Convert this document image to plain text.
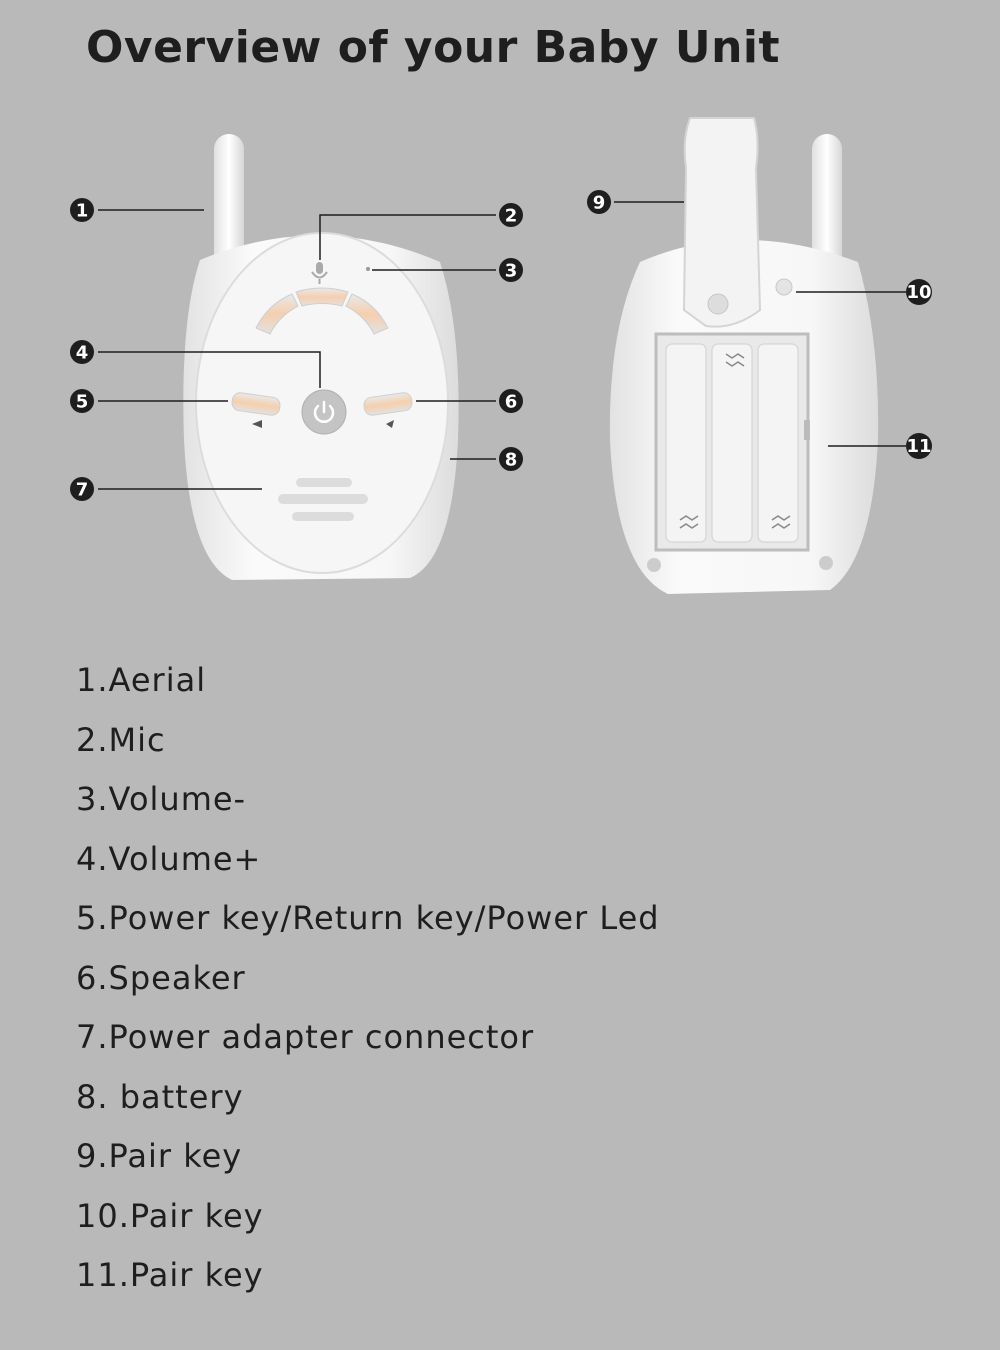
Overview of your Baby Unit
1	2
3
4
5	6
7
8
9
10
11
1.Aerial
2.Mic
3.Volume-
4.Volume+
5.Power key/Return key/Power Led
6.Speaker
7.Power adapter connector
8. battery
9.Pair key
10.Pair key
11.Pair key
